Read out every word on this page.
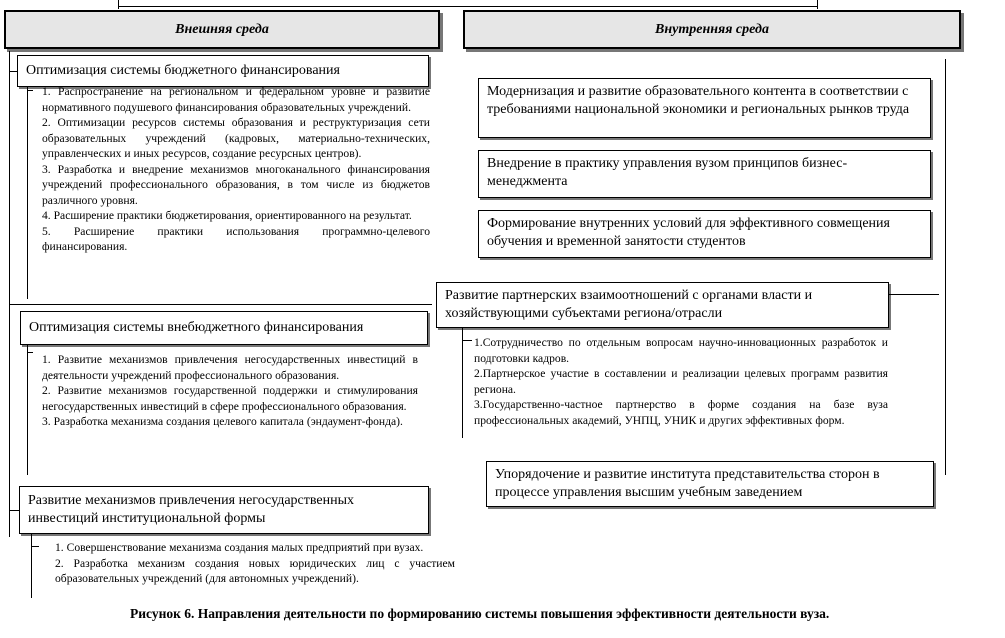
Внешняя среда	Внутренняя среда
Оптимизация системы бюджетного финансирования
1. Распространение на региональном и федеральном уровне и развитие нормативного подушевого финансирования образовательных учреждений.
2. Оптимизации ресурсов системы образования и реструктуризация сети образовательных учреждений (кадровых, материально-технических, управленческих и иных ресурсов, создание ресурсных центров).
3. Разработка и внедрение механизмов многоканального финансирования учреждений профессионального образования, в том числе из бюджетов различного уровня.
4. Расширение практики бюджетирования, ориентированного на результат.
5. Расширение практики использования программно-целевого финансирования.
Оптимизация системы внебюджетного финансирования
1. Развитие механизмов привлечения негосударственных инвестиций в деятельности учреждений профессионального образования.
2. Развитие механизмов государственной поддержки и стимулирования негосударственных инвестиций в сфере профессионального образования.
3. Разработка механизма создания целевого капитала (эндаумент-фонда).
Развитие механизмов привлечения негосударственных инвестиций институциональной формы
1. Совершенствование механизма создания малых предприятий при вузах.
2. Разработка механизм создания новых юридических лиц с участием образовательных учреждений (для автономных учреждений).
Модернизация и развитие образовательного контента в соответствии с требованиями национальной экономики и региональных рынков труда
Внедрение в практику управления вузом принципов бизнес-менеджмента
Формирование внутренних условий для эффективного совмещения обучения и временной занятости студентов
Развитие партнерских взаимоотношений с органами власти и хозяйствующими субъектами региона/отрасли
1.Сотрудничество по отдельным вопросам научно-инновационных разработок и подготовки кадров.
2.Партнерское участие в составлении и реализации целевых программ развития региона.
3.Государственно-частное партнерство в форме создания на базе вуза профессиональных академий, УНПЦ, УНИК и других эффективных форм.
Упорядочение и развитие института представительства сторон в процессе управления высшим учебным заведением
Рисунок 6. Направления деятельности по формированию системы повышения эффективности деятельности вуза.
